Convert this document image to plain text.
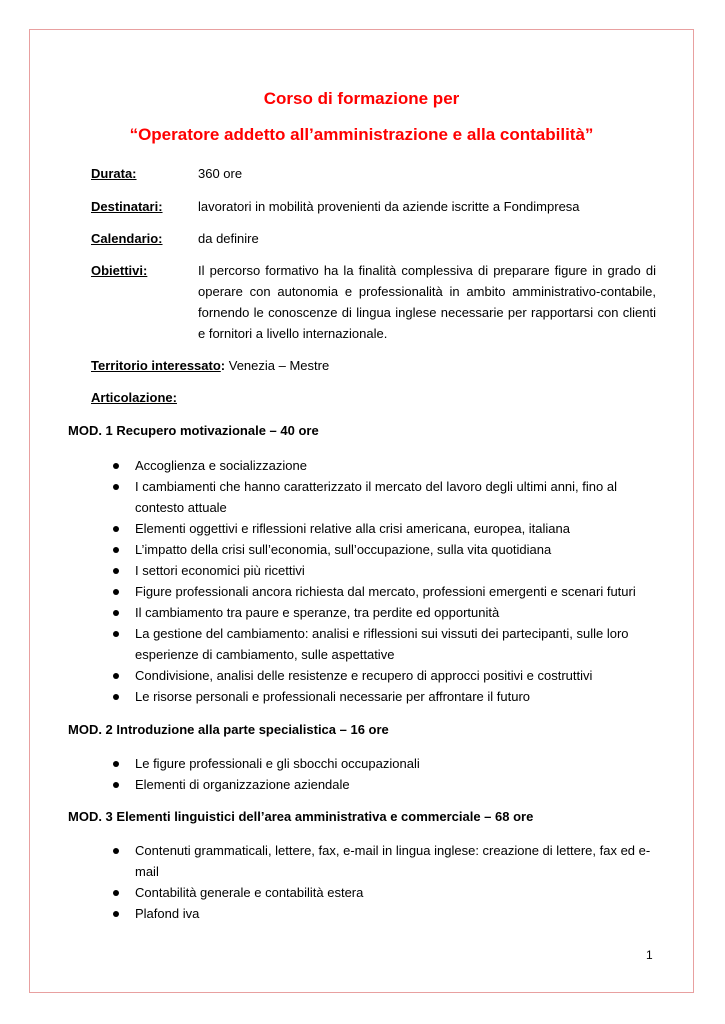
Corso di formazione per
“Operatore addetto all’amministrazione e alla contabilità”
Durata:	360 ore
Destinatari:	lavoratori in mobilità provenienti da aziende iscritte a Fondimpresa
Calendario:	da definire
Obiettivi:	Il percorso formativo ha la finalità complessiva di preparare figure in grado di operare con autonomia e professionalità in ambito amministrativo-contabile, fornendo le conoscenze di lingua inglese necessarie per rapportarsi con clienti e fornitori a livello internazionale.
Territorio interessato: Venezia – Mestre
Articolazione:
MOD. 1 Recupero motivazionale – 40 ore
Accoglienza e socializzazione
I cambiamenti che hanno caratterizzato il mercato del lavoro degli ultimi anni, fino al contesto attuale
Elementi oggettivi e riflessioni relative alla crisi americana, europea, italiana
L’impatto della crisi sull’economia, sull’occupazione, sulla vita quotidiana
I settori economici più ricettivi
Figure professionali ancora richiesta dal mercato, professioni emergenti e scenari futuri
Il cambiamento tra paure e speranze, tra perdite ed opportunità
La gestione del cambiamento: analisi e riflessioni sui vissuti dei partecipanti, sulle loro esperienze di cambiamento, sulle aspettative
Condivisione, analisi delle resistenze e recupero di approcci positivi e costruttivi
Le risorse personali e professionali necessarie per affrontare il futuro
MOD. 2 Introduzione alla parte specialistica – 16 ore
Le figure professionali e gli sbocchi occupazionali
Elementi di organizzazione aziendale
MOD. 3 Elementi linguistici dell’area amministrativa e commerciale – 68 ore
Contenuti grammaticali, lettere, fax, e-mail in lingua inglese: creazione di lettere, fax ed e-mail
Contabilità generale e contabilità estera
Plafond iva
1
